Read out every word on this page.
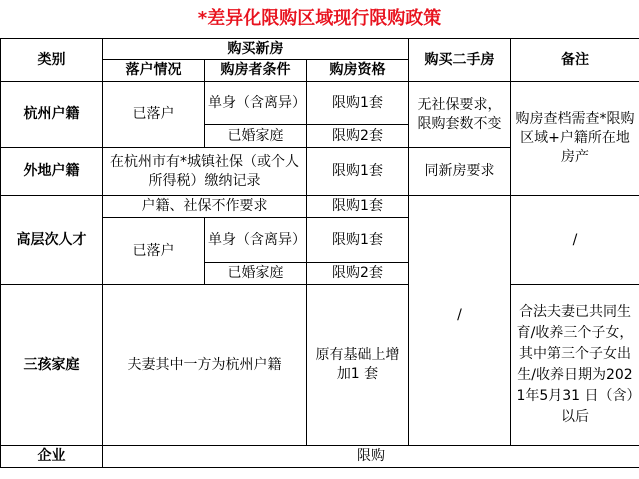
*差异化限购区域现行限购政策
类别	购买新房			购买二手房	备注
	落户情况	购房者条件	购房资格		
杭州户籍	已落户	单身（含离异）	限购1套	无社保要求，限购套数不变	购房查档需查*限购区域+户籍所在地房产
		已婚家庭	限购2套		
外地户籍	在杭州市有*城镇社保（或个人所得税）缴纳记录		限购1套	同新房要求	
高层次人才	户籍、社保不作要求		限购1套	/	/
	已落户	单身（含离异）	限购1套		
		已婚家庭	限购2套		
三孩家庭	夫妻其中一方为杭州户籍		原有基础上增加1 套		合法夫妻已共同生育/收养三个子女，其中第三个子女出生/收养日期为2021年5月31 日（含）以后
企业	限购				
